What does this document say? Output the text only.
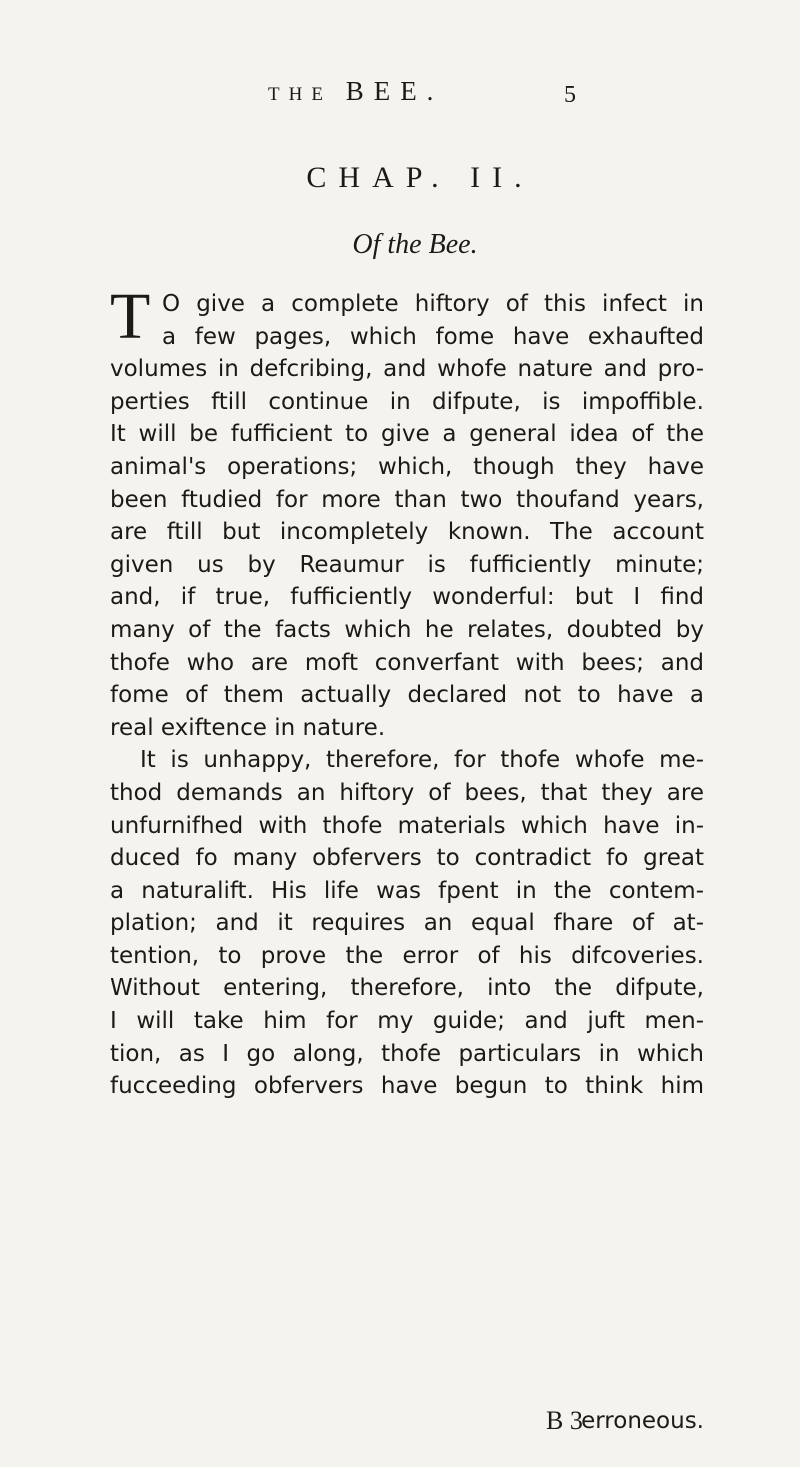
THE BEE.	5
CHAP. II.
Of the Bee.
T O give a complete hiftory of this infect in
a few pages, which fome have exhaufted
volumes in defcribing, and whofe nature and pro-
perties ftill continue in difpute, is impoffible.
It will be fufficient to give a general idea of the
animal's operations; which, though they have
been ftudied for more than two thoufand years,
are ftill but incompletely known. The account
given us by Reaumur is fufficiently minute;
and, if true, fufficiently wonderful: but I find
many of the facts which he relates, doubted by
thofe who are moft converfant with bees; and
fome of them actually declared not to have a
real exiftence in nature.
It is unhappy, therefore, for thofe whofe me-
thod demands an hiftory of bees, that they are
unfurnifhed with thofe materials which have in-
duced fo many obfervers to contradict fo great
a naturalift. His life was fpent in the contem-
plation; and it requires an equal fhare of at-
tention, to prove the error of his difcoveries.
Without entering, therefore, into the difpute,
I will take him for my guide; and juft men-
tion, as I go along, thofe particulars in which
fucceeding obfervers have begun to think him
B 3
erroneous.
